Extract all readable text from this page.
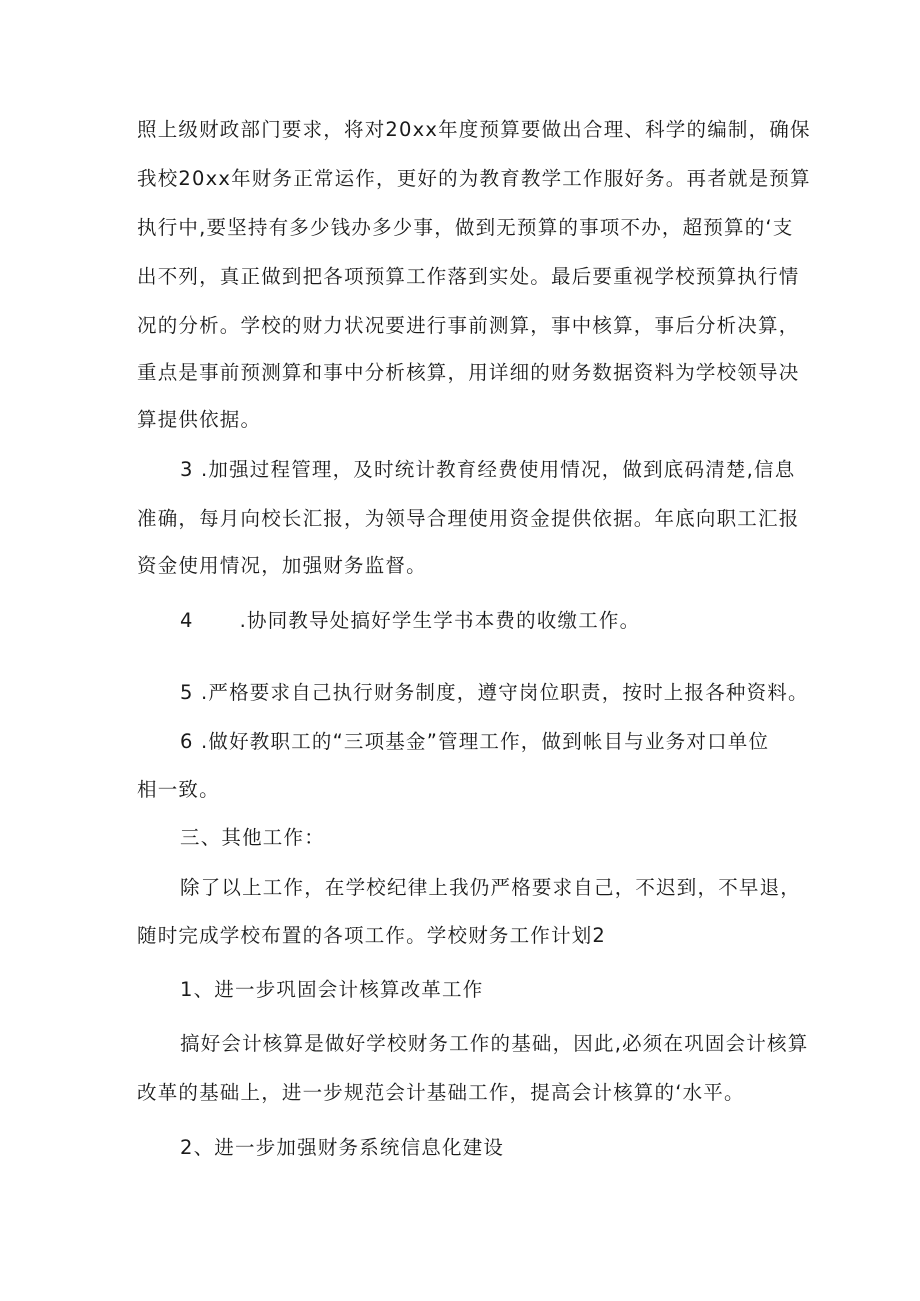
照上级财政部门要求，将对20xx年度预算要做出合理、科学的编制，确保
我校20xx年财务正常运作，更好的为教育教学工作服好务。再者就是预算
执行中,要坚持有多少钱办多少事，做到无预算的事项不办，超预算的‘支
出不列，真正做到把各项预算工作落到实处。最后要重视学校预算执行情
况的分析。学校的财力状况要进行事前测算，事中核算，事后分析决算，
重点是事前预测算和事中分析核算，用详细的财务数据资料为学校领导决
算提供依据。
3 .加强过程管理，及时统计教育经费使用情况，做到底码清楚,信息
准确，每月向校长汇报，为领导合理使用资金提供依据。年底向职工汇报
资金使用情况，加强财务监督。
4 .协同教导处搞好学生学书本费的收缴工作。
5 .严格要求自己执行财务制度，遵守岗位职责，按时上报各种资料。
6 .做好教职工的“三项基金”管理工作，做到帐目与业务对口单位
相一致。
三、其他工作：
除了以上工作，在学校纪律上我仍严格要求自己，不迟到，不早退，
随时完成学校布置的各项工作。学校财务工作计划2
1、进一步巩固会计核算改革工作
搞好会计核算是做好学校财务工作的基础，因此,必须在巩固会计核算
改革的基础上，进一步规范会计基础工作，提高会计核算的‘水平。
2、进一步加强财务系统信息化建设
